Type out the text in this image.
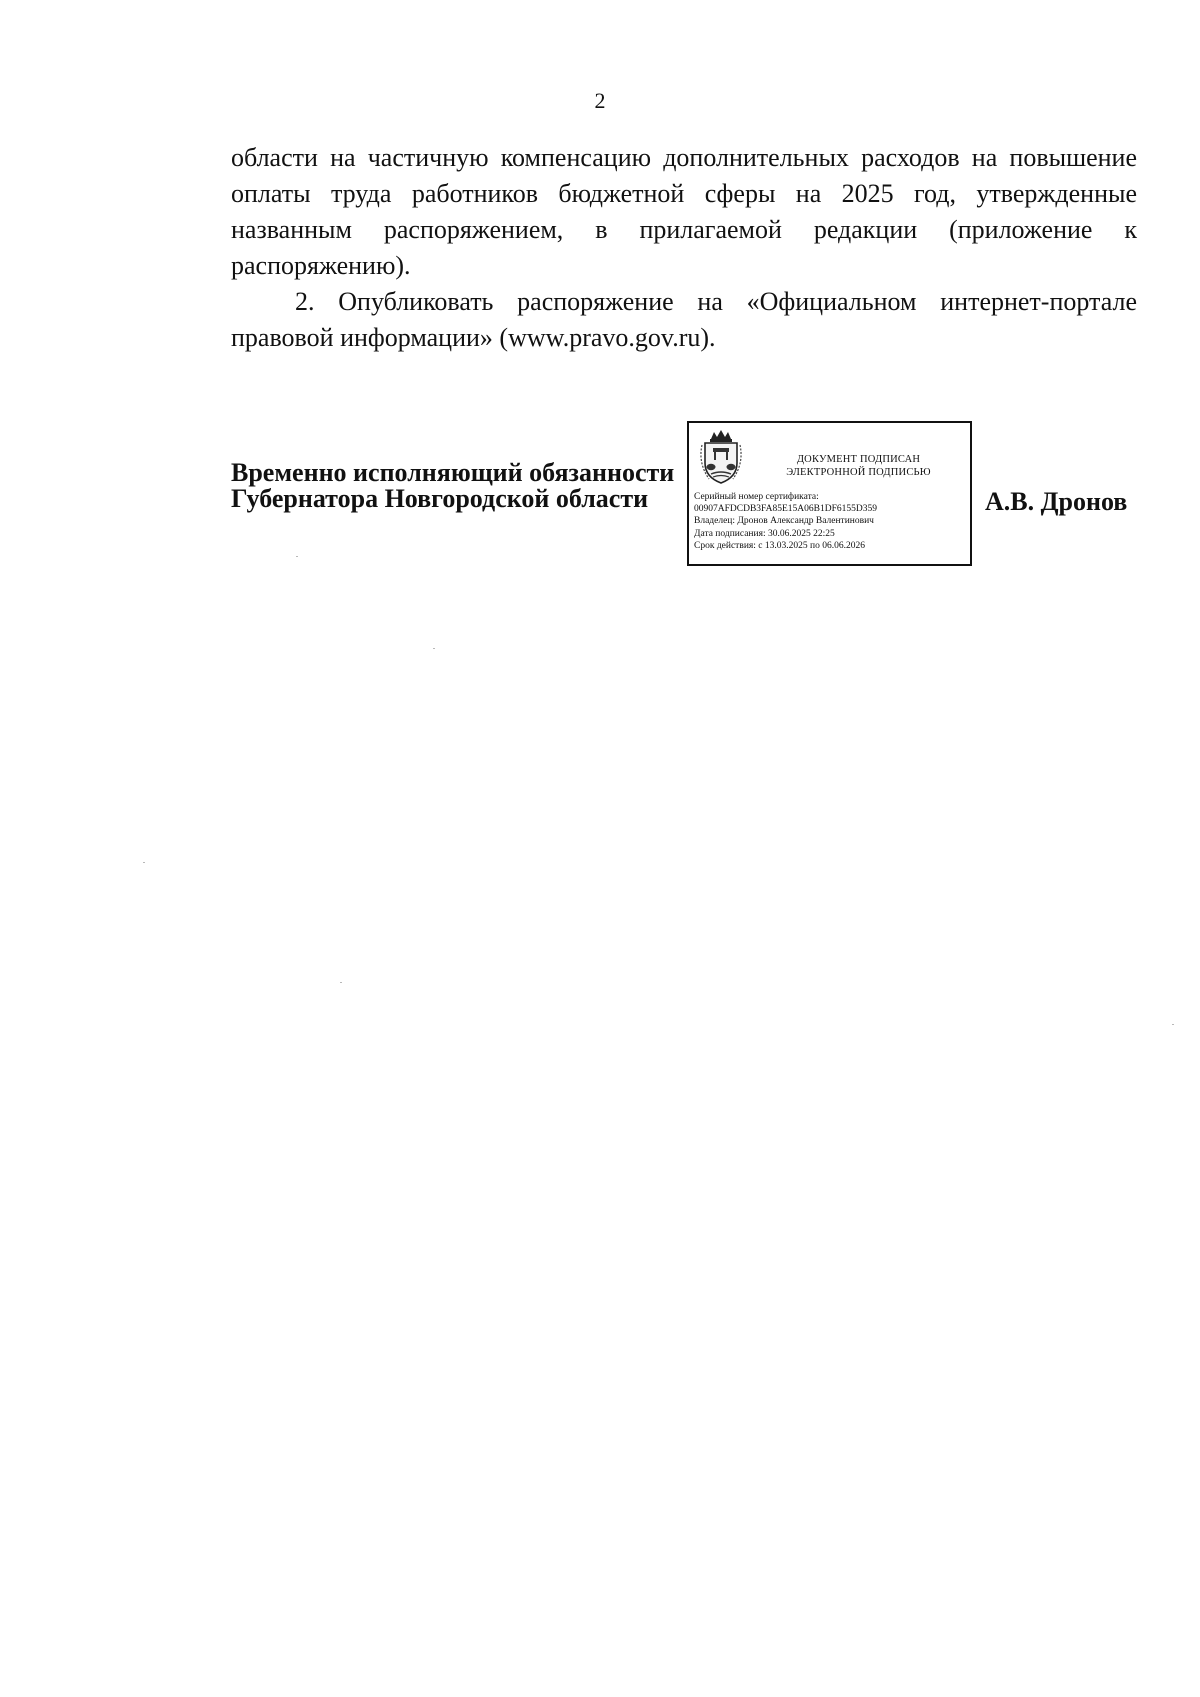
2

области на частичную компенсацию дополнительных расходов на повышение оплаты труда работников бюджетной сферы на 2025 год, утвержденные названным распоряжением, в прилагаемой редакции (приложение к распоряжению).

2. Опубликовать распоряжение на «Официальном интернет-портале правовой информации» (www.pravo.gov.ru).

Временно исполняющий обязанности
Губернатора Новгородской области
ДОКУМЕНТ ПОДПИСАН
ЭЛЕКТРОННОЙ ПОДПИСЬЮ
Серийный номер сертификата:
00907AFDCDB3FA85E15A06B1DF6155D359
Владелец: Дронов Александр Валентинович
Дата подписания: 30.06.2025 22:25
Срок действия: с 13.03.2025 по 06.06.2026
А.В. Дронов
